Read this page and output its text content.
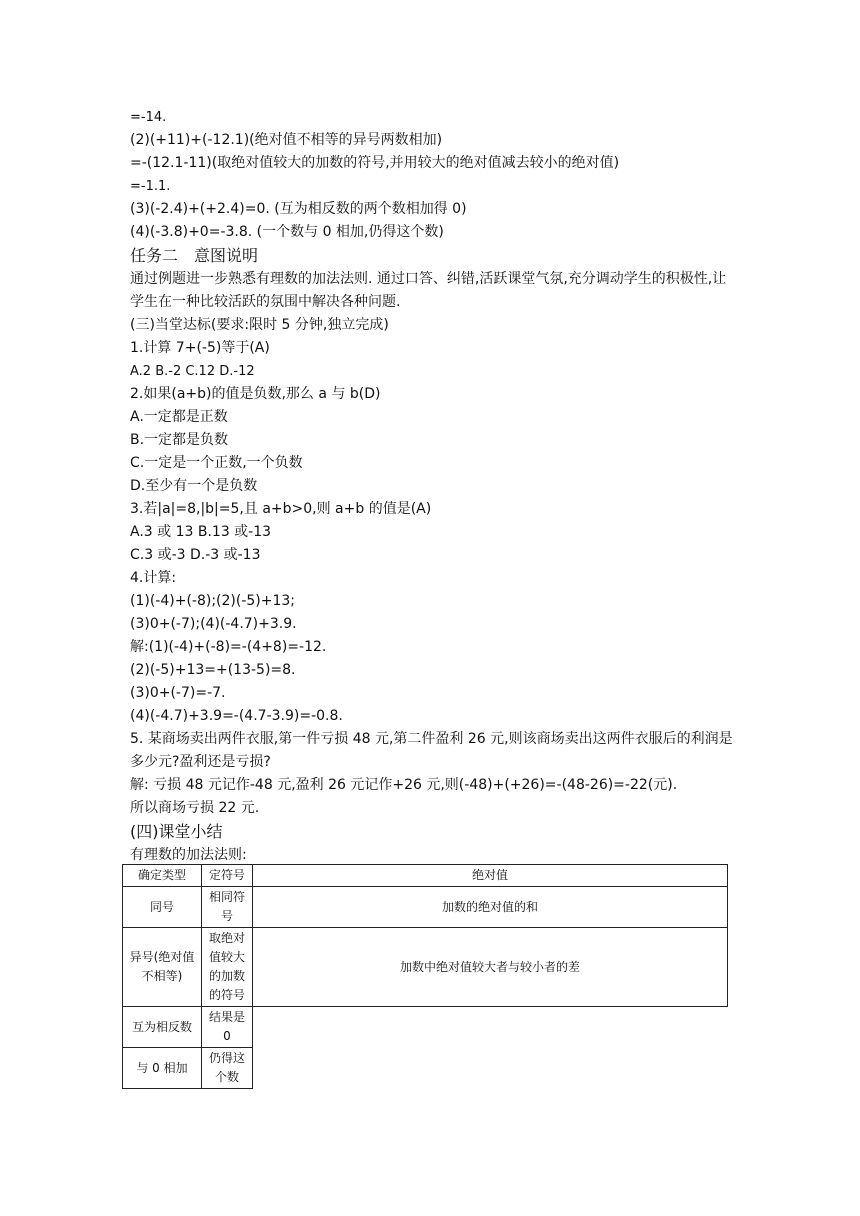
=-14.
(2)(+11)+(-12.1)(绝对值不相等的异号两数相加)
=-(12.1-11)(取绝对值较大的加数的符号,并用较大的绝对值减去较小的绝对值)
=-1.1.
(3)(-2.4)+(+2.4)=0. (互为相反数的两个数相加得 0)
(4)(-3.8)+0=-3.8. (一个数与 0 相加,仍得这个数)
任务二　意图说明
通过例题进一步熟悉有理数的加法法则. 通过口答、纠错,活跃课堂气氛,充分调动学生的积极性,让学生在一种比较活跃的氛围中解决各种问题.
(三)当堂达标(要求:限时 5 分钟,独立完成)
1.计算 7+(-5)等于(A)
A.2 B.-2 C.12 D.-12
2.如果(a+b)的值是负数,那么 a 与 b(D)
A.一定都是正数
B.一定都是负数
C.一定是一个正数,一个负数
D.至少有一个是负数
3.若|a|=8,|b|=5,且 a+b>0,则 a+b 的值是(A)
A.3 或 13 B.13 或-13
C.3 或-3 D.-3 或-13
4.计算:
(1)(-4)+(-8);(2)(-5)+13;
(3)0+(-7);(4)(-4.7)+3.9.
解:(1)(-4)+(-8)=-(4+8)=-12.
(2)(-5)+13=+(13-5)=8.
(3)0+(-7)=-7.
(4)(-4.7)+3.9=-(4.7-3.9)=-0.8.
5. 某商场卖出两件衣服,第一件亏损 48 元,第二件盈利 26 元,则该商场卖出这两件衣服后的利润是多少元?盈利还是亏损?
解: 亏损 48 元记作-48 元,盈利 26 元记作+26 元,则(-48)+(+26)=-(48-26)=-22(元).
所以商场亏损 22 元.
(四)课堂小结
有理数的加法法则:
确定类型	定符号	绝对值
同号	相同符号	加数的绝对值的和
异号(绝对值不相等)	取绝对值较大的加数的符号	加数中绝对值较大者与较小者的差
互为相反数	结果是 0	
与 0 相加	仍得这个数	
